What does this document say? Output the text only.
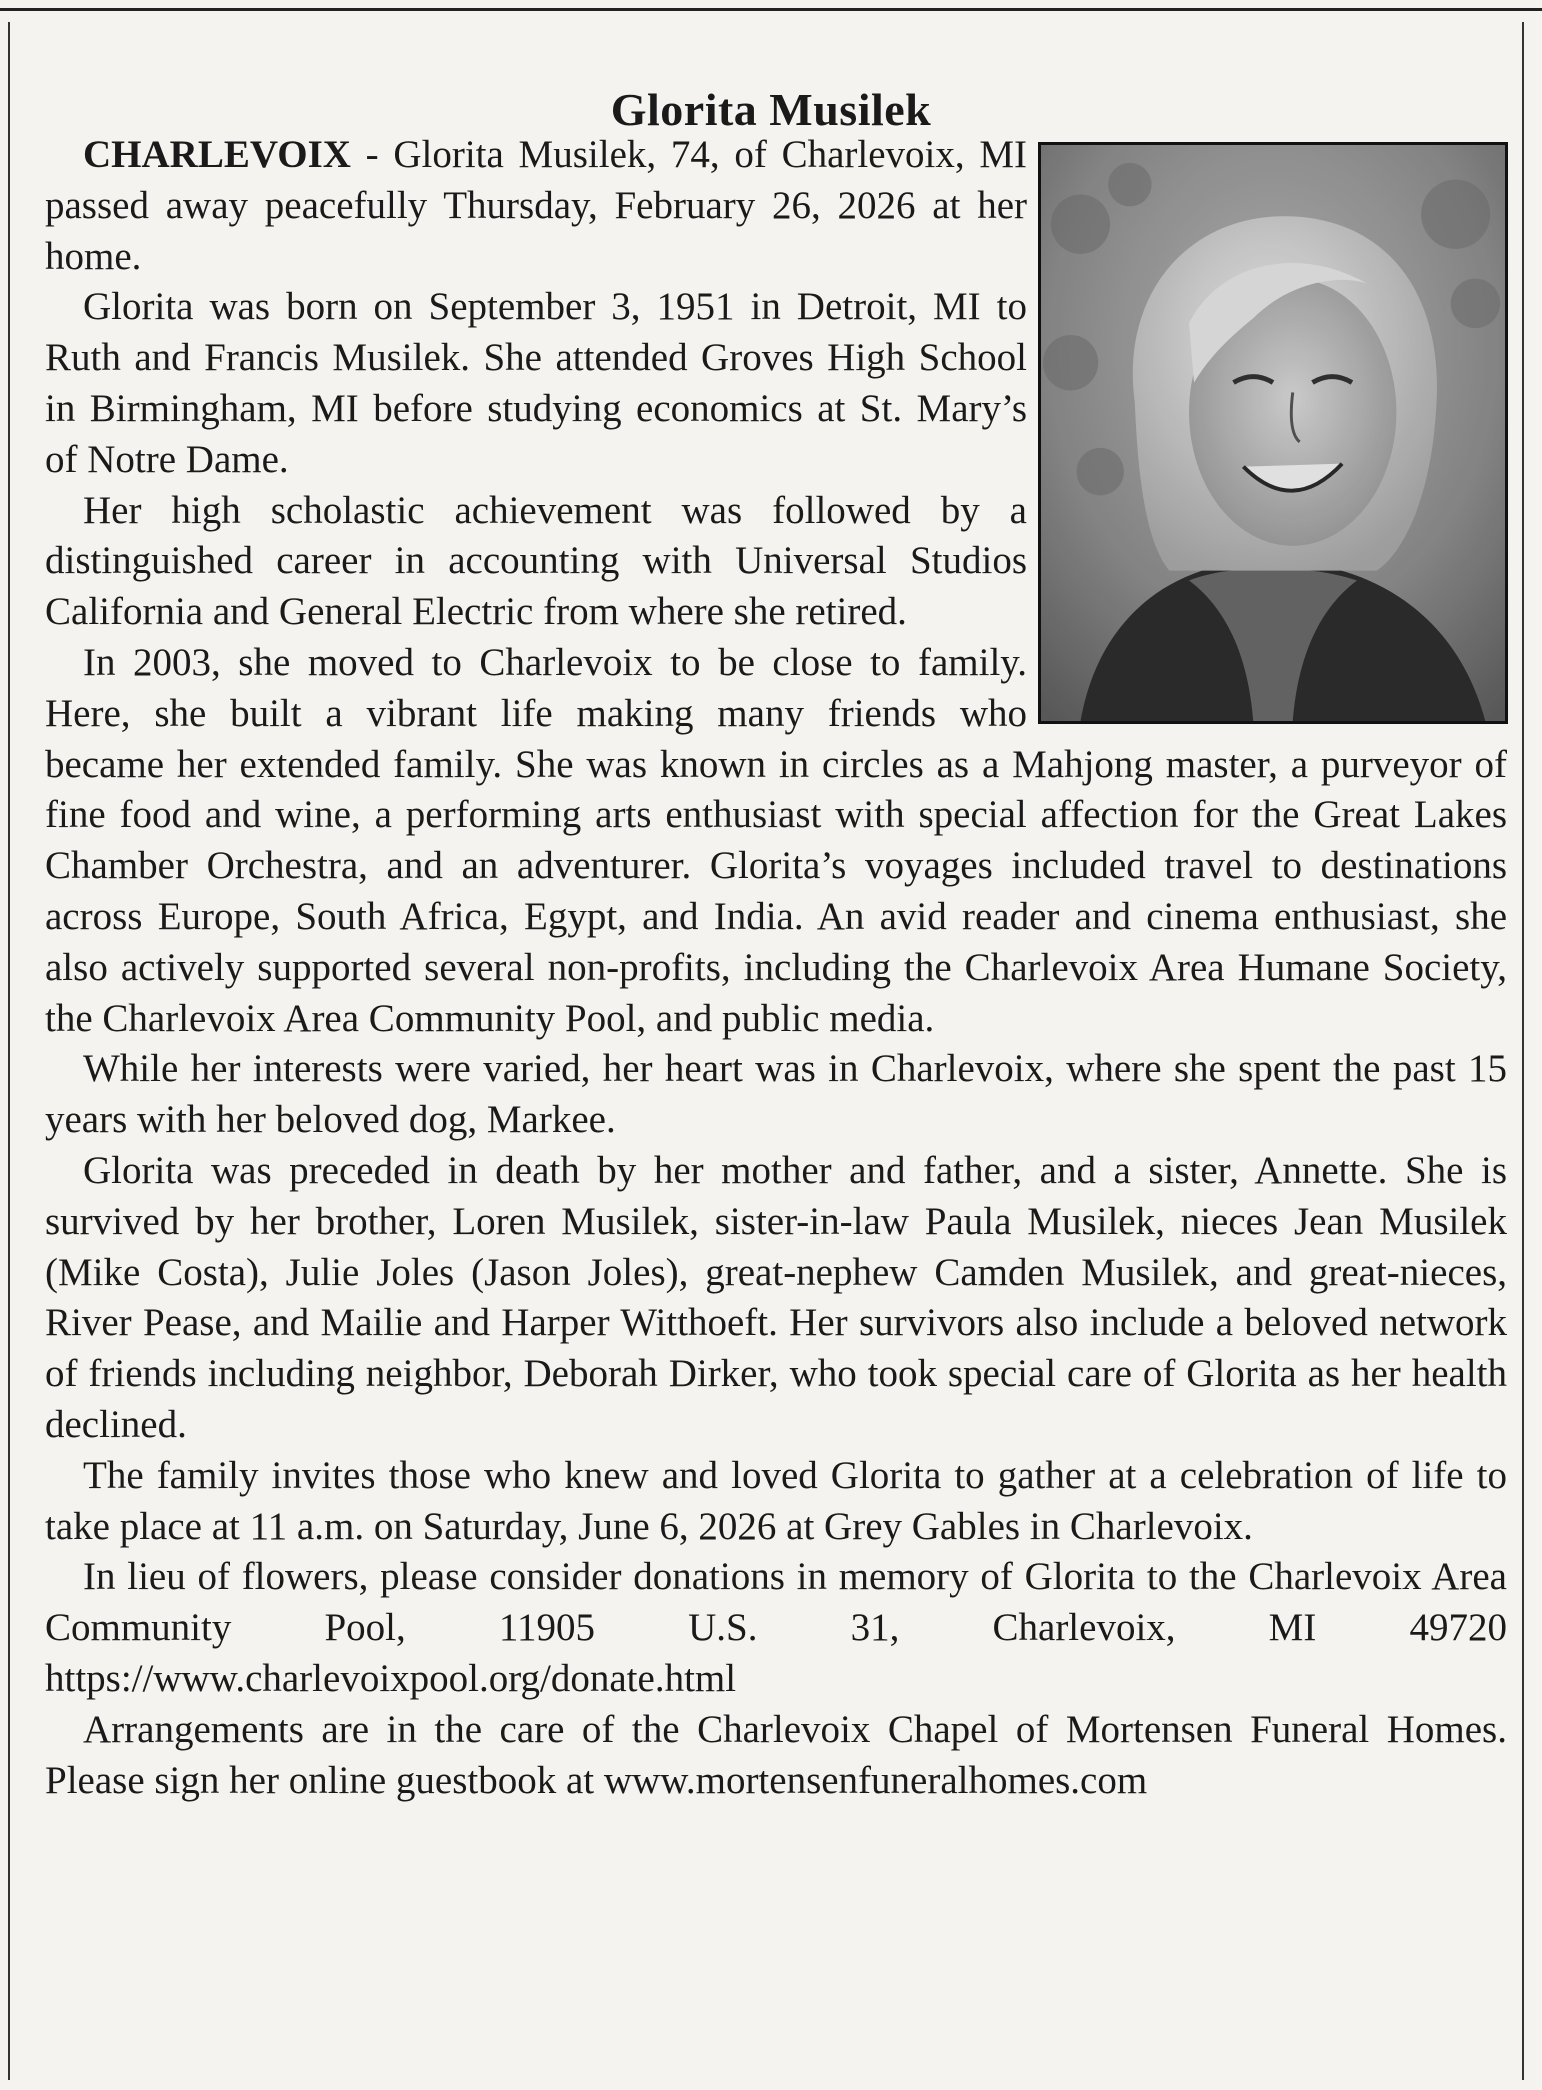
Glorita Musilek

CHARLEVOIX - Glorita Musilek, 74, of Charlevoix, MI passed away peacefully Thursday, February 26, 2026 at her home.

Glorita was born on September 3, 1951 in Detroit, MI to Ruth and Francis Musilek. She attended Groves High School in Birmingham, MI before studying economics at St. Mary’s of Notre Dame.

Her high scholastic achievement was followed by a distinguished career in accounting with Universal Studios California and General Electric from where she retired.

In 2003, she moved to Charlevoix to be close to family. Here, she built a vibrant life making many friends who became her extended family. She was known in circles as a Mahjong master, a purveyor of fine food and wine, a performing arts enthusiast with special affection for the Great Lakes Chamber Orchestra, and an adventurer. Glorita’s voyages included travel to destinations across Europe, South Africa, Egypt, and India. An avid reader and cinema enthusiast, she also actively supported several non-profits, including the Charlevoix Area Humane Society, the Charlevoix Area Community Pool, and public media.

While her interests were varied, her heart was in Charlevoix, where she spent the past 15 years with her beloved dog, Markee.

Glorita was preceded in death by her mother and father, and a sister, Annette. She is survived by her brother, Loren Musilek, sister-in-law Paula Musilek, nieces Jean Musilek (Mike Costa), Julie Joles (Jason Joles), great-nephew Camden Musilek, and great-nieces, River Pease, and Mailie and Harper Witthoeft. Her survivors also include a beloved network of friends including neighbor, Deborah Dirker, who took special care of Glorita as her health declined.

The family invites those who knew and loved Glorita to gather at a celebration of life to take place at 11 a.m. on Saturday, June 6, 2026 at Grey Gables in Charlevoix.

In lieu of flowers, please consider donations in memory of Glorita to the Charlevoix Area Community Pool, 11905 U.S. 31, Charlevoix, MI 49720 https://www.charlevoixpool.org/donate.html

Arrangements are in the care of the Charlevoix Chapel of Mortensen Funeral Homes. Please sign her online guestbook at www.mortensenfuneralhomes.com
